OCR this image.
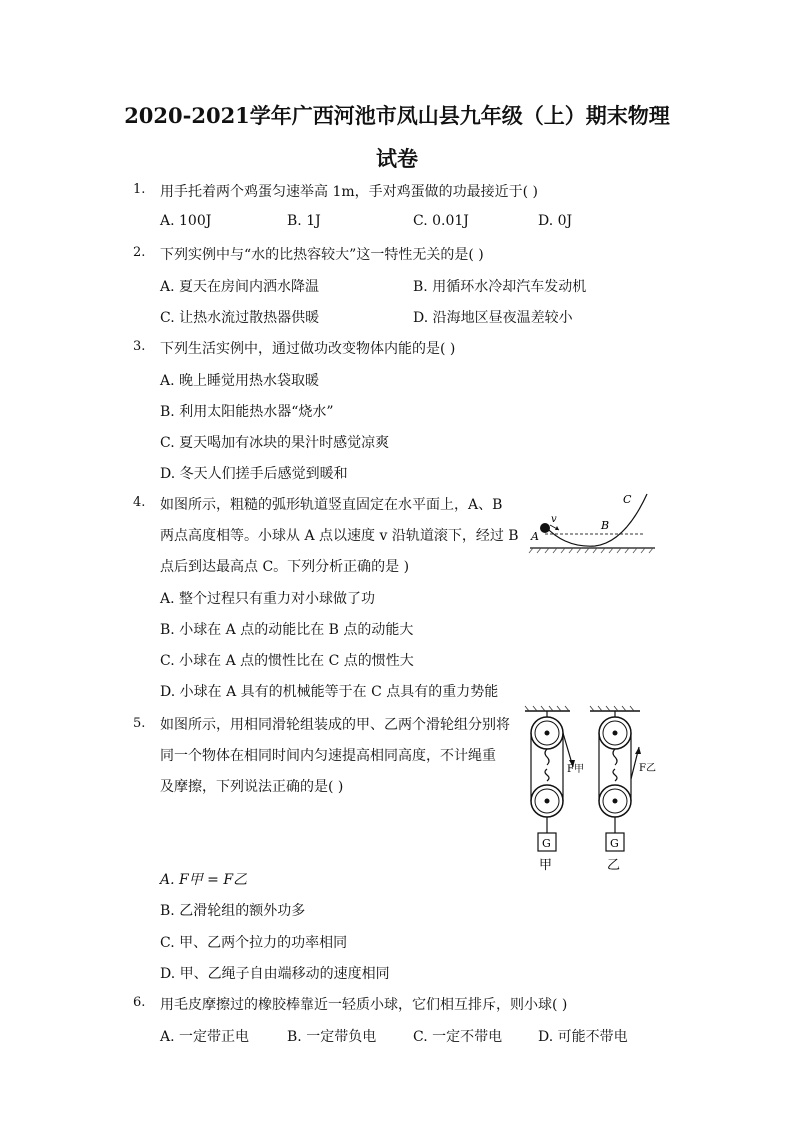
2020-2021学年广西河池市凤山县九年级（上）期末物理
试卷
1. 用手托着两个鸡蛋匀速举高 1m，手对鸡蛋做的功最接近于( )
A. 100J	B. 1J	C. 0.01J	D. 0J
2. 下列实例中与“水的比热容较大”这一特性无关的是( )
A. 夏天在房间内洒水降温	B. 用循环水冷却汽车发动机
C. 让热水流过散热器供暖	D. 沿海地区昼夜温差较小
3. 下列生活实例中，通过做功改变物体内能的是( )
A. 晚上睡觉用热水袋取暖
B. 利用太阳能热水器“烧水”
C. 夏天喝加有冰块的果汁时感觉凉爽
D. 冬天人们搓手后感觉到暖和
4. 如图所示，粗糙的弧形轨道竖直固定在水平面上，A、B
两点高度相等。小球从 A 点以速度 v 沿轨道滚下，经过 B
点后到达最高点 C。下列分析正确的是 )
A. 整个过程只有重力对小球做了功
B. 小球在 A 点的动能比在 B 点的动能大
C. 小球在 A 点的惯性比在 C 点的惯性大
D. 小球在 A 具有的机械能等于在 C 点具有的重力势能
v
A
B
C
5. 如图所示，用相同滑轮组装成的甲、乙两个滑轮组分别将
同一个物体在相同时间内匀速提高相同高度，不计绳重
及摩擦，下列说法正确的是( )
A. F甲 = F乙
B. 乙滑轮组的额外功多
C. 甲、乙两个拉力的功率相同
D. 甲、乙绳子自由端移动的速度相同
F甲
G
甲
F乙
G
乙
6. 用毛皮摩擦过的橡胶棒靠近一轻质小球，它们相互排斥，则小球( )
A. 一定带正电	B. 一定带负电	C. 一定不带电	D. 可能不带电
